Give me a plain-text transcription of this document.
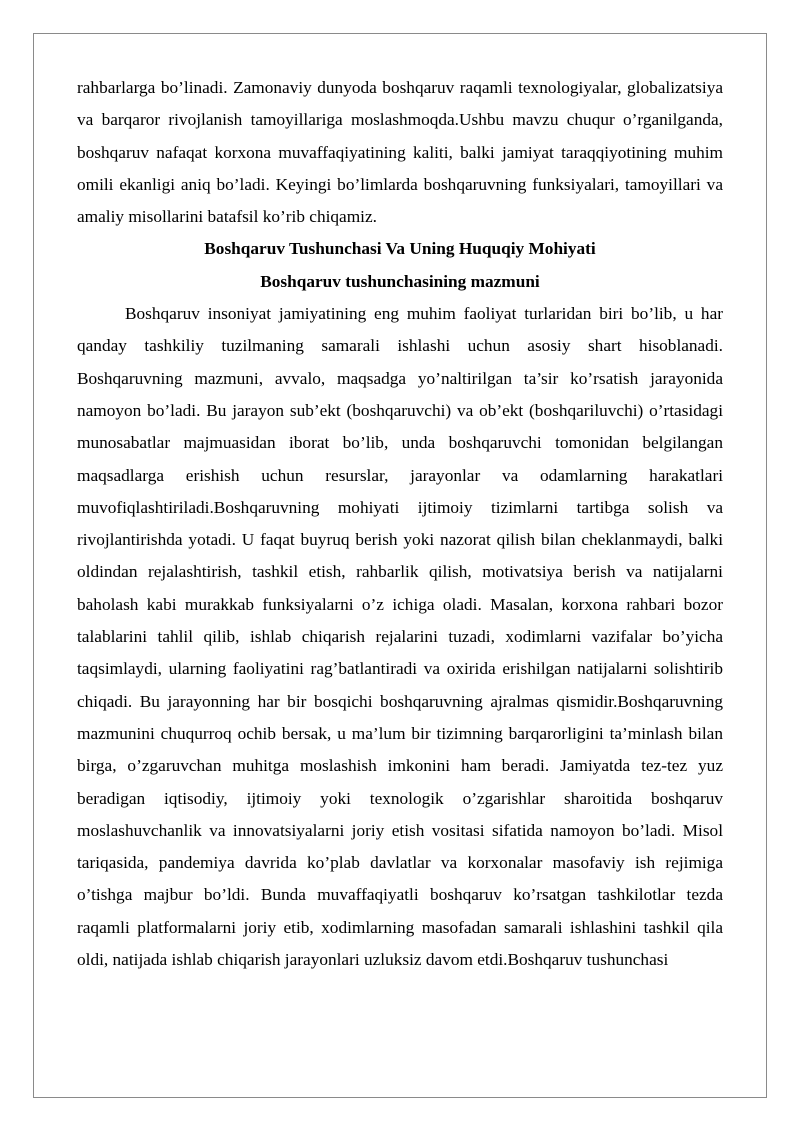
rahbarlarga bo’linadi. Zamonaviy dunyoda boshqaruv raqamli texnologiyalar, globalizatsiya va barqaror rivojlanish tamoyillariga moslashmoqda.Ushbu mavzu chuqur o’rganilganda, boshqaruv nafaqat korxona muvaffaqiyatining kaliti, balki jamiyat taraqqiyotining muhim omili ekanligi aniq bo’ladi. Keyingi bo’limlarda boshqaruvning funksiyalari, tamoyillari va amaliy misollarini batafsil ko’rib chiqamiz.

Boshqaruv Tushunchasi Va Uning Huquqiy Mohiyati
Boshqaruv tushunchasining mazmuni

Boshqaruv insoniyat jamiyatining eng muhim faoliyat turlaridan biri bo’lib, u har qanday tashkiliy tuzilmaning samarali ishlashi uchun asosiy shart hisoblanadi. Boshqaruvning mazmuni, avvalo, maqsadga yo’naltirilgan ta’sir ko’rsatish jarayonida namoyon bo’ladi. Bu jarayon sub’ekt (boshqaruvchi) va ob’ekt (boshqariluvchi) o’rtasidagi munosabatlar majmuasidan iborat bo’lib, unda boshqaruvchi tomonidan belgilangan maqsadlarga erishish uchun resurslar, jarayonlar va odamlarning harakatlari muvofiqlashtiriladi.Boshqaruvning mohiyati ijtimoiy tizimlarni tartibga solish va rivojlantirishda yotadi. U faqat buyruq berish yoki nazorat qilish bilan cheklanmaydi, balki oldindan rejalashtirish, tashkil etish, rahbarlik qilish, motivatsiya berish va natijalarni baholash kabi murakkab funksiyalarni o’z ichiga oladi. Masalan, korxona rahbari bozor talablarini tahlil qilib, ishlab chiqarish rejalarini tuzadi, xodimlarni vazifalar bo’yicha taqsimlaydi, ularning faoliyatini rag’batlantiradi va oxirida erishilgan natijalarni solishtirib chiqadi. Bu jarayonning har bir bosqichi boshqaruvning ajralmas qismidir.Boshqaruvning mazmunini chuqurroq ochib bersak, u ma’lum bir tizimning barqarorligini ta’minlash bilan birga, o’zgaruvchan muhitga moslashish imkonini ham beradi. Jamiyatda tez-tez yuz beradigan iqtisodiy, ijtimoiy yoki texnologik o’zgarishlar sharoitida boshqaruv moslashuvchanlik va innovatsiyalarni joriy etish vositasi sifatida namoyon bo’ladi. Misol tariqasida, pandemiya davrida ko’plab davlatlar va korxonalar masofaviy ish rejimiga o’tishga majbur bo’ldi. Bunda muvaffaqiyatli boshqaruv ko’rsatgan tashkilotlar tezda raqamli platformalarni joriy etib, xodimlarning masofadan samarali ishlashini tashkil qila oldi, natijada ishlab chiqarish jarayonlari uzluksiz davom etdi.Boshqaruv tushunchasi
